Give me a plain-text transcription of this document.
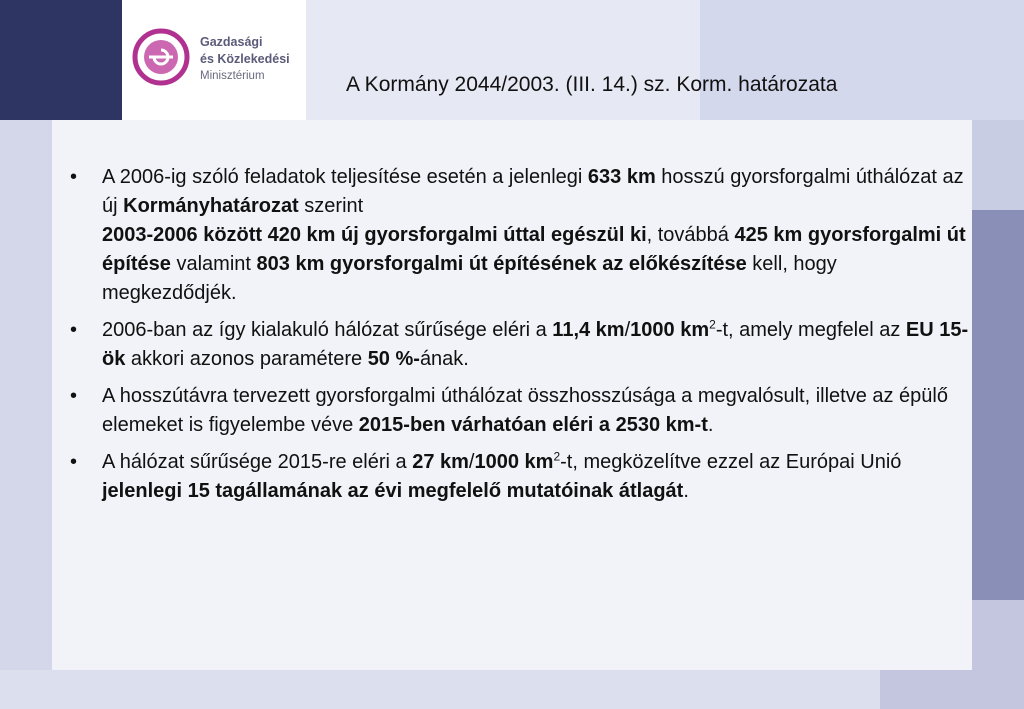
Gazdasági
és Közlekedési
Minisztérium	A Kormány 2044/2003. (III. 14.) sz. Korm. határozata
• A 2006-ig szóló feladatok teljesítése esetén a jelenlegi 633 km hosszú gyorsforgalmi úthálózat az új Kormányhatározat szerint
2003-2006 között 420 km új gyorsforgalmi úttal egészül ki, továbbá 425 km gyorsforgalmi út építése valamint 803 km gyorsforgalmi út építésének az előkészítése kell, hogy megkezdődjék.
• 2006-ban az így kialakuló hálózat sűrűsége eléri a 11,4 km/1000 $km^2-t$, amely megfelel az EU 15-ök akkori azonos paramétere 50 %-ának.
• A hosszútávra tervezett gyorsforgalmi úthálózat összhosszúsága a megvalósult, illetve az épülő elemeket is figyelembe véve 2015-ben várhatóan eléri a 2530 km-t.
• A hálózat sűrűsége 2015-re eléri a 27 km/1000 $km^2-t$, megközelítve ezzel az Európai Unió jelenlegi 15 tagállamának az évi megfelelő mutatóinak átlagát.
